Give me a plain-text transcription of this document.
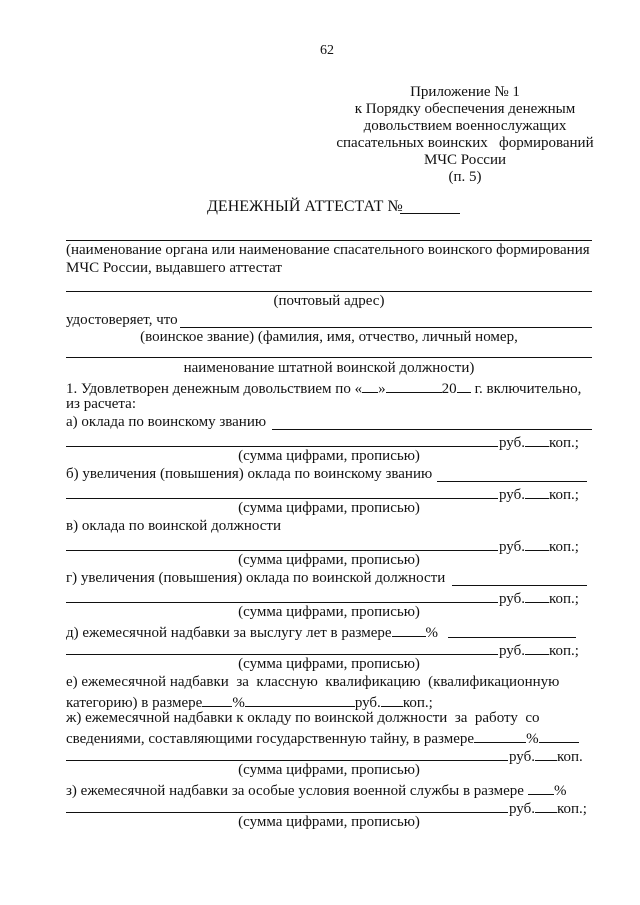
62
Приложение № 1
к Порядку обеспечения денежным
довольствием военнослужащих
спасательных воинских   формирований
МЧС России
(п. 5)
ДЕНЕЖНЫЙ АТТЕСТАТ №
(наименование органа или наименование спасательного воинского формирования
МЧС России, выдавшего аттестат
(почтовый адрес)
удостоверяет, что
(воинское звание) (фамилия, имя, отчество, личный номер,
наименование штатной воинской должности)
1. Удовлетворен денежным довольствием по « »	20 г. включительно,
из расчета:
а) оклада по воинскому званию
руб. коп.;
(сумма цифрами, прописью)
б) увеличения (повышения) оклада по воинскому званию
руб. коп.;
(сумма цифрами, прописью)
в) оклада по воинской должности
руб. коп.;
(сумма цифрами, прописью)
г) увеличения (повышения) оклада по воинской должности
руб. коп.;
(сумма цифрами, прописью)
д) ежемесячной надбавки за выслугу лет в размере %
руб. коп.;
(сумма цифрами, прописью)
е) ежемесячной надбавки  за  классную  квалификацию  (квалификационную
категорию) в размере %	руб. коп.;
ж) ежемесячной надбавки к окладу по воинской должности  за  работу  со
сведениями, составляющими государственную тайну, в размере	%
руб. коп.
(сумма цифрами, прописью)
з) ежемесячной надбавки за особые условия военной службы в размере %
руб. коп.;
(сумма цифрами, прописью)
